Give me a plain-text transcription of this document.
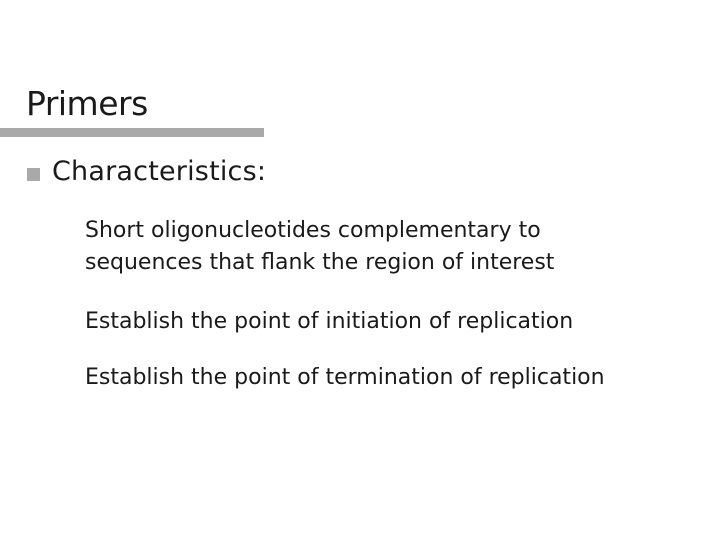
Primers
Characteristics:
Short oligonucleotides complementary to
sequences that flank the region of interest
Establish the point of initiation of replication
Establish the point of termination of replication
